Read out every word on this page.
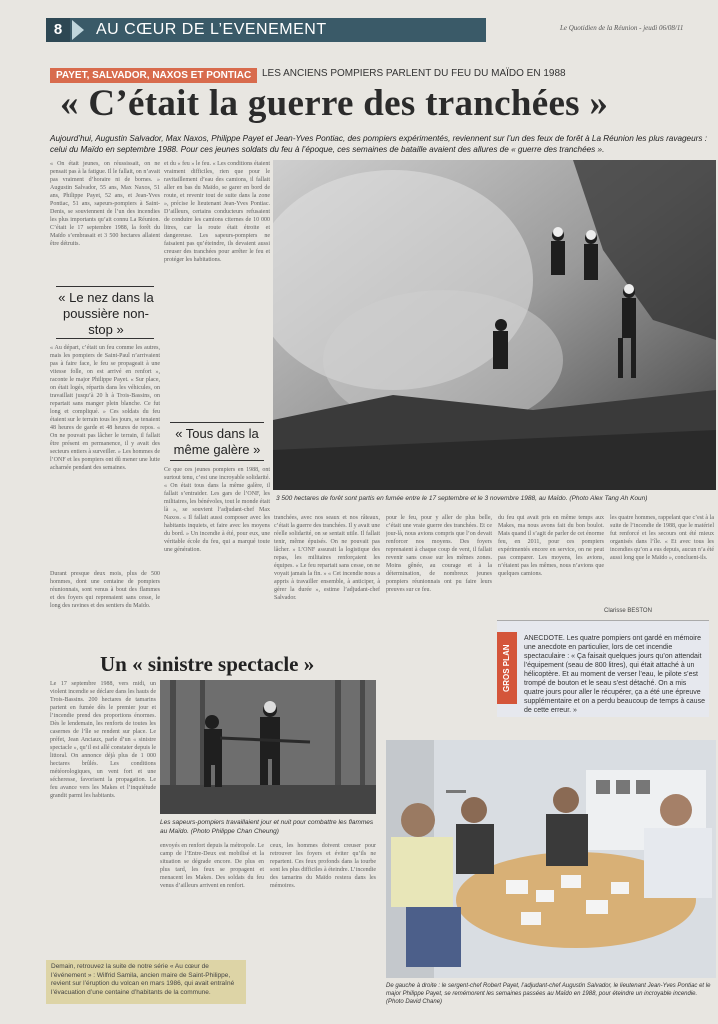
8	AU CŒUR DE L’EVENEMENT	Le Quotidien de la Réunion - jeudi 06/08/11
PAYET, SALVADOR, NAXOS ET PONTIAC	LES ANCIENS POMPIERS PARLENT DU FEU DU MAÏDO EN 1988
« C’était la guerre des tranchées »
Aujourd’hui, Augustin Salvador, Max Naxos, Philippe Payet et Jean-Yves Pontiac, des pompiers expérimentés, reviennent sur l’un des feux de forêt à La Réunion les plus ravageurs : celui du Maïdo en septembre 1988. Pour ces jeunes soldats du feu à l’époque, ces semaines de bataille avaient des allures de « guerre des tranchées ».
« On était jeunes, on réussissait, on ne pensait pas à la fatigue. Il le fallait, on n’avait pas vraiment d’horaire ni de bornes. » Augustin Salvador, 55 ans, Max Naxos, 51 ans, Philippe Payet, 52 ans, et Jean-Yves Pontiac, 51 ans, sapeurs-pompiers à Saint-Denis, se souviennent de l’un des incendies les plus importants qu’ait connu La Réunion. C’était le 17 septembre 1988, la forêt du Maïdo s’embrasait et 3 500 hectares allaient être détruits.
« Le nez dans la poussière non-stop »
« Au départ, c’était un feu comme les autres, mais les pompiers de Saint-Paul n’arrivaient pas à faire face, le feu se propageait à une vitesse folle, on est arrivé en renfort », raconte le major Philippe Payet. « Sur place, on était logés, répartis dans les véhicules, on travaillait jusqu’à 20 h à Trois-Bassins, on repartait sans manger plein blanche. Ce fut long et compliqué. » Ces soldats du feu étaient sur le terrain tous les jours, se tenaient 48 heures de garde et 48 heures de repos. « On ne pouvait pas lâcher le terrain, il fallait être présent en permanence, il y avait des secteurs entiers à surveiller. » Les hommes de l’ONF et les pompiers ont dû mener une lutte acharnée pendant des semaines.
Durant presque deux mois, plus de 500 hommes, dont une centaine de pompiers réunionnais, sont venus à bout des flammes et des foyers qui reprenaient sans cesse, le long des ravines et des sentiers du Maïdo.
et du « feu » le feu. « Les conditions étaient vraiment difficiles, rien que pour le ravitaillement d’eau des camions, il fallait aller en bas du Maïdo, se garer en bord de route, et revenir tout de suite dans la zone », précise le lieutenant Jean-Yves Pontiac. D’ailleurs, certains conducteurs refusaient de conduire les camions citernes de 10 000 litres, car la route était étroite et dangereuse. Les sapeurs-pompiers ne faisaient pas qu’éteindre, ils devaient aussi creuser des tranchées pour arrêter le feu et protéger les habitations.
« Tous dans la même galère »
Ce que ces jeunes pompiers en 1988, ont surtout tenu, c’est une incroyable solidarité. « On était tous dans la même galère, il fallait s’entraider. Les gars de l’ONF, les militaires, les bénévoles, tout le monde était là », se souvient l’adjudant-chef Max Naxos. « Il fallait aussi composer avec les habitants inquiets, et faire avec les moyens du bord. » Un incendie à été, pour eux, une véritable école du feu, qui a marqué toute une génération.
3 500 hectares de forêt sont partis en fumée entre le 17 septembre et le 3 novembre 1988, au Maïdo. (Photo Alex Tang Ah Koun)
tranchées, avec nos seaux et nos râteaux, c’était la guerre des tranchées. Il y avait une réelle solidarité, on se sentait utile. Il fallait tenir, même épuisés. On ne pouvait pas lâcher. » L’ONF assurait la logistique des repas, les militaires renforçaient les équipes. « Le feu repartait sans cesse, on ne voyait jamais la fin. » « Cet incendie nous a appris à travailler ensemble, à anticiper, à gérer la durée », estime l’adjudant-chef Salvador.
pour le feu, pour y aller de plus belle, c’était une vraie guerre des tranchées. Et ce jour-là, nous avions compris que l’on devait renforcer nos moyens. Des foyers reprenaient à chaque coup de vent, il fallait revenir sans cesse sur les mêmes zones. Moins gênée, au courage et à la détermination, de nombreux jeunes pompiers réunionnais ont pu faire leurs preuves sur ce feu.
du feu qui avait pris en même temps aux Makes, ma nous avons fait du bon boulot. Mais quand il s’agit de parler de cet énorme feu, en 2011, pour ces pompiers expérimentés encore en service, on ne peut pas comparer. Les moyens, les avions, n’étaient pas les mêmes, nous n’avions que quelques camions.
les quatre hommes, rappelant que c’est à la suite de l’incendie de 1988, que le matériel fut renforcé et les secours ont été mieux organisés dans l’île. « Et avec tous les incendies qu’on a eus depuis, aucun n’a été aussi long que le Maïdo », concluent-ils.
Clarisse BESTON
GROS PLAN
ANECDOTE. Les quatre pompiers ont gardé en mémoire une anecdote en particulier, lors de cet incendie spectaculaire : « Ça faisait quelques jours qu’on attendait l’équipement (seau de 800 litres), qui était attaché à un hélicoptère. Et au moment de verser l’eau, le pilote s’est trompé de bouton et le seau s’est détaché. On a mis quatre jours pour aller le récupérer, ça a été une épreuve supplémentaire et on a perdu beaucoup de temps à cause de cette erreur. »
Un « sinistre spectacle »
Le 17 septembre 1988, vers midi, un violent incendie se déclare dans les hauts de Trois-Bassins. 200 hectares de tamarins partent en fumée dès le premier jour et l’incendie prend des proportions énormes. Dès le lendemain, les renforts de toutes les casernes de l’île se rendent sur place. Le préfet, Jean Anciaux, parle d’un « sinistre spectacle », qu’il est allé constater depuis le littoral. On annonce déjà plus de 1 000 hectares brûlés. Les conditions météorologiques, un vent fort et une sécheresse, favorisent la propagation. Le feu avance vers les Makes et l’inquiétude grandit parmi les habitants.
Les sapeurs-pompiers travaillaient jour et nuit pour combattre les flammes au Maïdo. (Photo Philippe Chan Cheung)
envoyés en renfort depuis la métropole. Le camp de l’Entre-Deux est mobilisé et la situation se dégrade encore. De plus en plus tard, les feux se propagent et menacent les Makes. Des soldats du feu venus d’ailleurs arrivent en renfort.
ceux, les hommes doivent creuser pour retrouver les foyers et éviter qu’ils ne repartent. Ces feux profonds dans la tourbe sont les plus difficiles à éteindre. L’incendie des tamarins du Maïdo restera dans les mémoires.
De gauche à droite : le sergent-chef Robert Payet, l’adjudant-chef Augustin Salvador, le lieutenant Jean-Yves Pontiac et le major Philippe Payet, se remémorent les semaines passées au Maïdo en 1988, pour éteindre un incroyable incendie. (Photo David Chane)
Demain, retrouvez la suite de notre série « Au cœur de l’événement » : Wilfrid Samila, ancien maire de Saint-Philippe, revient sur l’éruption du volcan en mars 1986, qui avait entraîné l’évacuation d’une centaine d’habitants de la commune.
